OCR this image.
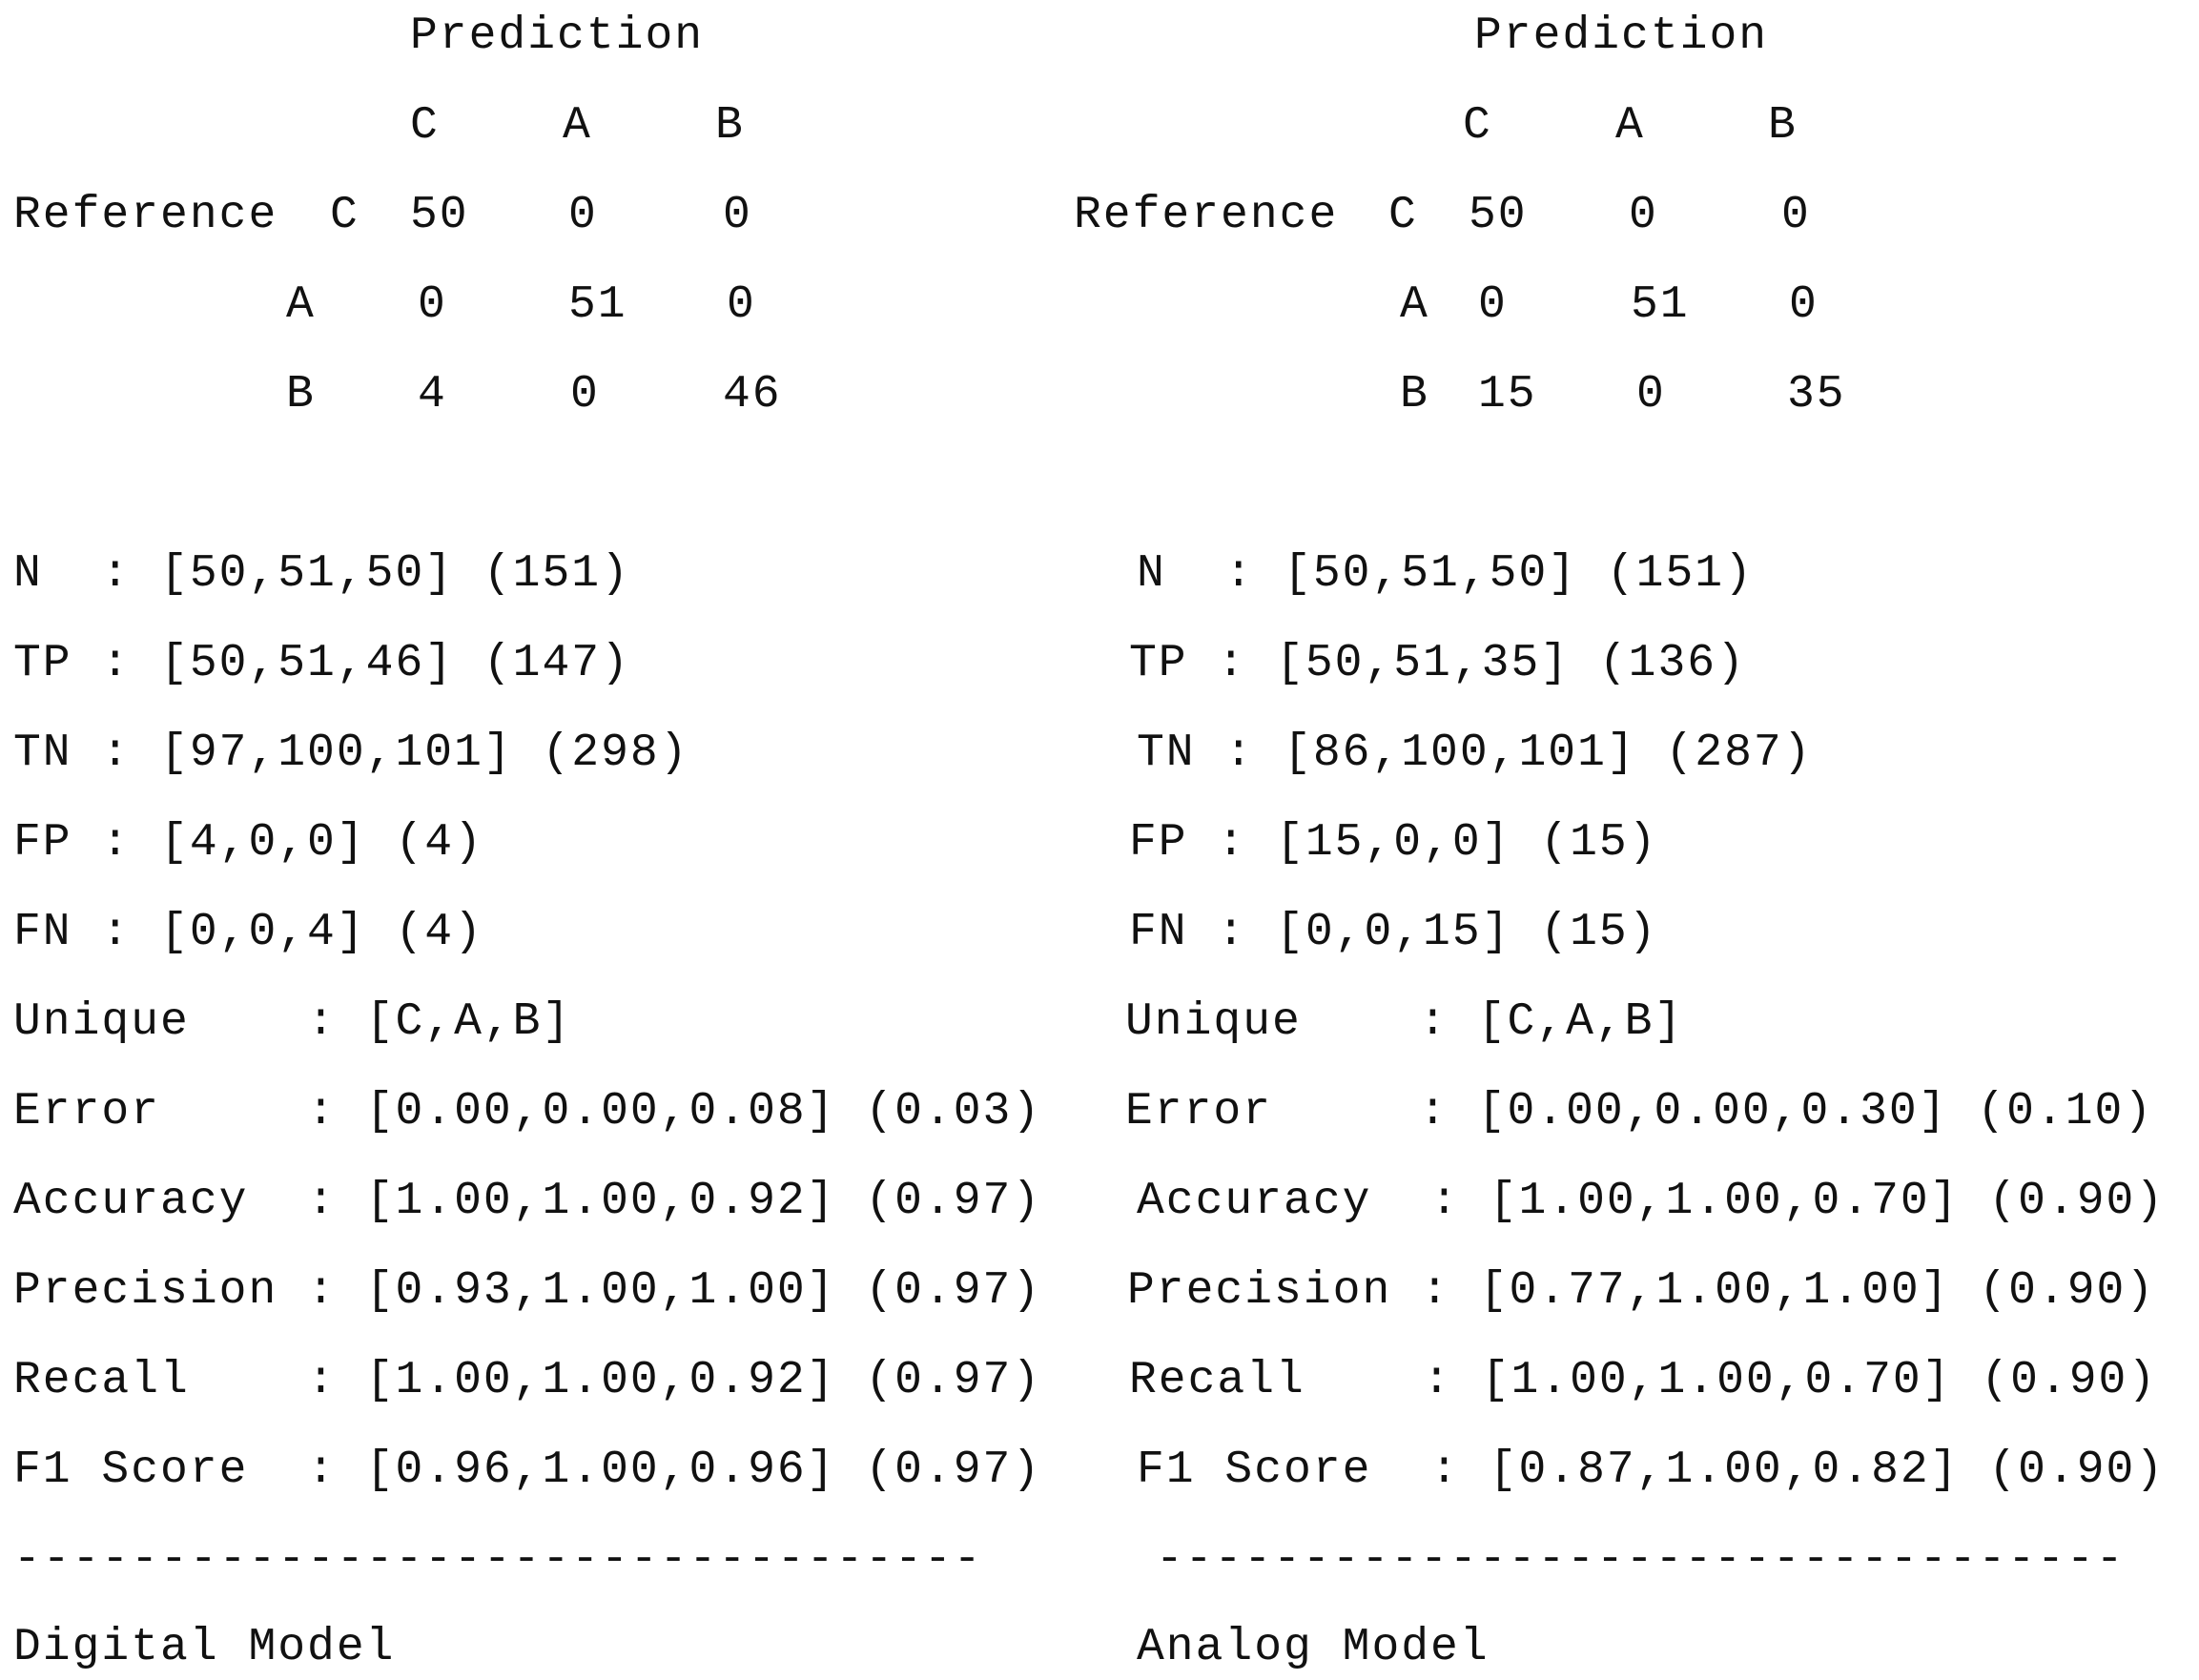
Prediction
C	A	B
Reference C 50 0	0
A 0	51 0
B 4	0	46
N  : [50,51,50] (151)
TP : [50,51,46] (147)
TN : [97,100,101] (298)
FP : [4,0,0] (4)
FN : [0,0,4] (4)
Unique    : [C,A,B]
Error     : [0.00,0.00,0.08] (0.03)
Accuracy  : [1.00,1.00,0.92] (0.97)
Precision : [0.93,1.00,1.00] (0.97)
Recall    : [1.00,1.00,0.92] (0.97)
F1 Score  : [0.96,1.00,0.96] (0.97)
---------------------------------
Digital Model
Prediction
C	A	B
Reference C 50 0	0
A 0	51 0
B 15 0	35
N  : [50,51,50] (151)
TP : [50,51,35] (136)
TN : [86,100,101] (287)
FP : [15,0,0] (15)
FN : [0,0,15] (15)
Unique    : [C,A,B]
Error     : [0.00,0.00,0.30] (0.10)
Accuracy  : [1.00,1.00,0.70] (0.90)
Precision : [0.77,1.00,1.00] (0.90)
Recall    : [1.00,1.00,0.70] (0.90)
F1 Score  : [0.87,1.00,0.82] (0.90)
---------------------------------
Analog Model
